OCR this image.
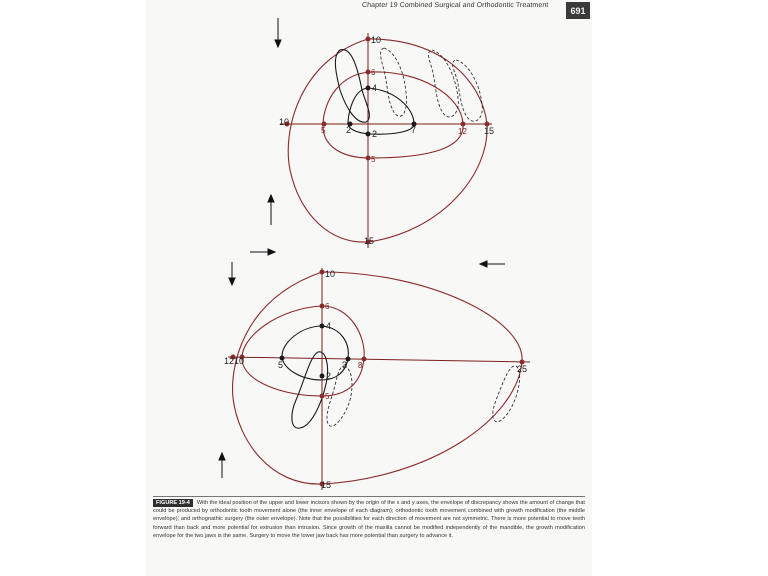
Chapter 19 Combined Surgical and Orthodontic Treatment	691
10
6
4
2
5
15
10
5 2	7	12 15
10
6
4
2
5
15
1210	5	3 8	25
FIGURE 19-4 With the ideal position of the upper and lower incisors shown by the origin of the x and y axes, the envelope of discrepancy shows the amount of change that could be produced by orthodontic tooth movement alone (the inner envelope of each diagram); orthodontic tooth movement combined with growth modification (the middle envelope); and orthognathic surgery (the outer envelope). Note that the possibilities for each direction of movement are not symmetric. There is more potential to move teeth forward than back and more potential for extrusion than intrusion. Since growth of the maxilla cannot be modified independently of the mandible, the growth modification envelope for the two jaws is the same. Surgery to move the lower jaw back has more potential than surgery to advance it.
